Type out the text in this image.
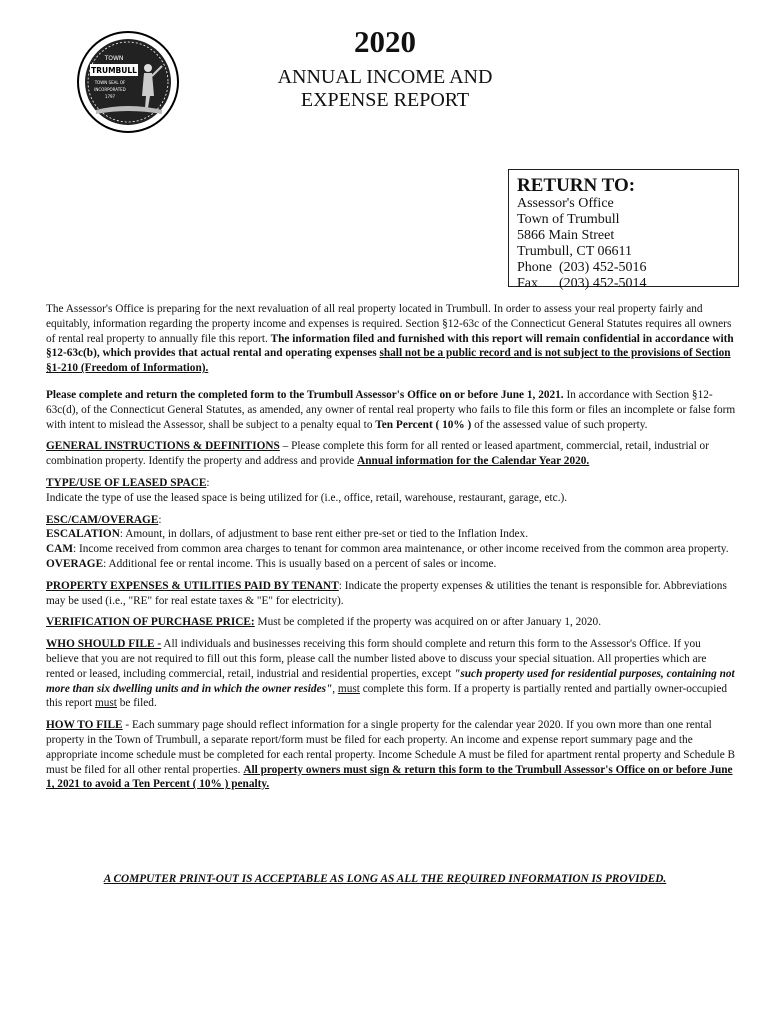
TOWN
TRUMBULL
TOWN SEAL OF
INCORPORATED
1797
2020
ANNUAL INCOME AND
EXPENSE REPORT
RETURN TO:
Assessor's Office
Town of Trumbull
5866 Main Street
Trumbull, CT 06611
Phone  (203) 452-5016
Fax      (203) 452-5014

The Assessor's Office is preparing for the next revaluation of all real property located in Trumbull. In order to assess your real property fairly and equitably, information regarding the property income and expenses is required. Section §12-63c of the Connecticut General Statutes requires all owners of rental real property to annually file this report. The information filed and furnished with this report will remain confidential in accordance with §12-63c(b), which provides that actual rental and operating expenses shall not be a public record and is not subject to the provisions of Section §1-210 (Freedom of Information).

Please complete and return the completed form to the Trumbull Assessor's Office on or before June 1, 2021. In accordance with Section §12-63c(d), of the Connecticut General Statutes, as amended, any owner of rental real property who fails to file this form or files an incomplete or false form with intent to mislead the Assessor, shall be subject to a penalty equal to Ten Percent ( 10% ) of the assessed value of such property.

GENERAL INSTRUCTIONS & DEFINITIONS – Please complete this form for all rented or leased apartment, commercial, retail, industrial or combination property. Identify the property and address and provide Annual information for the Calendar Year 2020.

TYPE/USE OF LEASED SPACE:
Indicate the type of use the leased space is being utilized for (i.e., office, retail, warehouse, restaurant, garage, etc.).

ESC/CAM/OVERAGE:
ESCALATION: Amount, in dollars, of adjustment to base rent either pre-set or tied to the Inflation Index.
CAM: Income received from common area charges to tenant for common area maintenance, or other income received from the common area property.
OVERAGE: Additional fee or rental income. This is usually based on a percent of sales or income.

PROPERTY EXPENSES & UTILITIES PAID BY TENANT: Indicate the property expenses & utilities the tenant is responsible for. Abbreviations may be used (i.e., "RE" for real estate taxes & "E" for electricity).

VERIFICATION OF PURCHASE PRICE: Must be completed if the property was acquired on or after January 1, 2020.

WHO SHOULD FILE - All individuals and businesses receiving this form should complete and return this form to the Assessor's Office. If you believe that you are not required to fill out this form, please call the number listed above to discuss your special situation. All properties which are rented or leased, including commercial, retail, industrial and residential properties, except "such property used for residential purposes, containing not more than six dwelling units and in which the owner resides", must complete this form. If a property is partially rented and partially owner-occupied this report must be filed.

HOW TO FILE - Each summary page should reflect information for a single property for the calendar year 2020. If you own more than one rental property in the Town of Trumbull, a separate report/form must be filed for each property. An income and expense report summary page and the appropriate income schedule must be completed for each rental property. Income Schedule A must be filed for apartment rental property and Schedule B must be filed for all other rental properties. All property owners must sign & return this form to the Trumbull Assessor's Office on or before June 1, 2021 to avoid a Ten Percent ( 10% ) penalty.

A COMPUTER PRINT-OUT IS ACCEPTABLE AS LONG AS ALL THE REQUIRED INFORMATION IS PROVIDED.
